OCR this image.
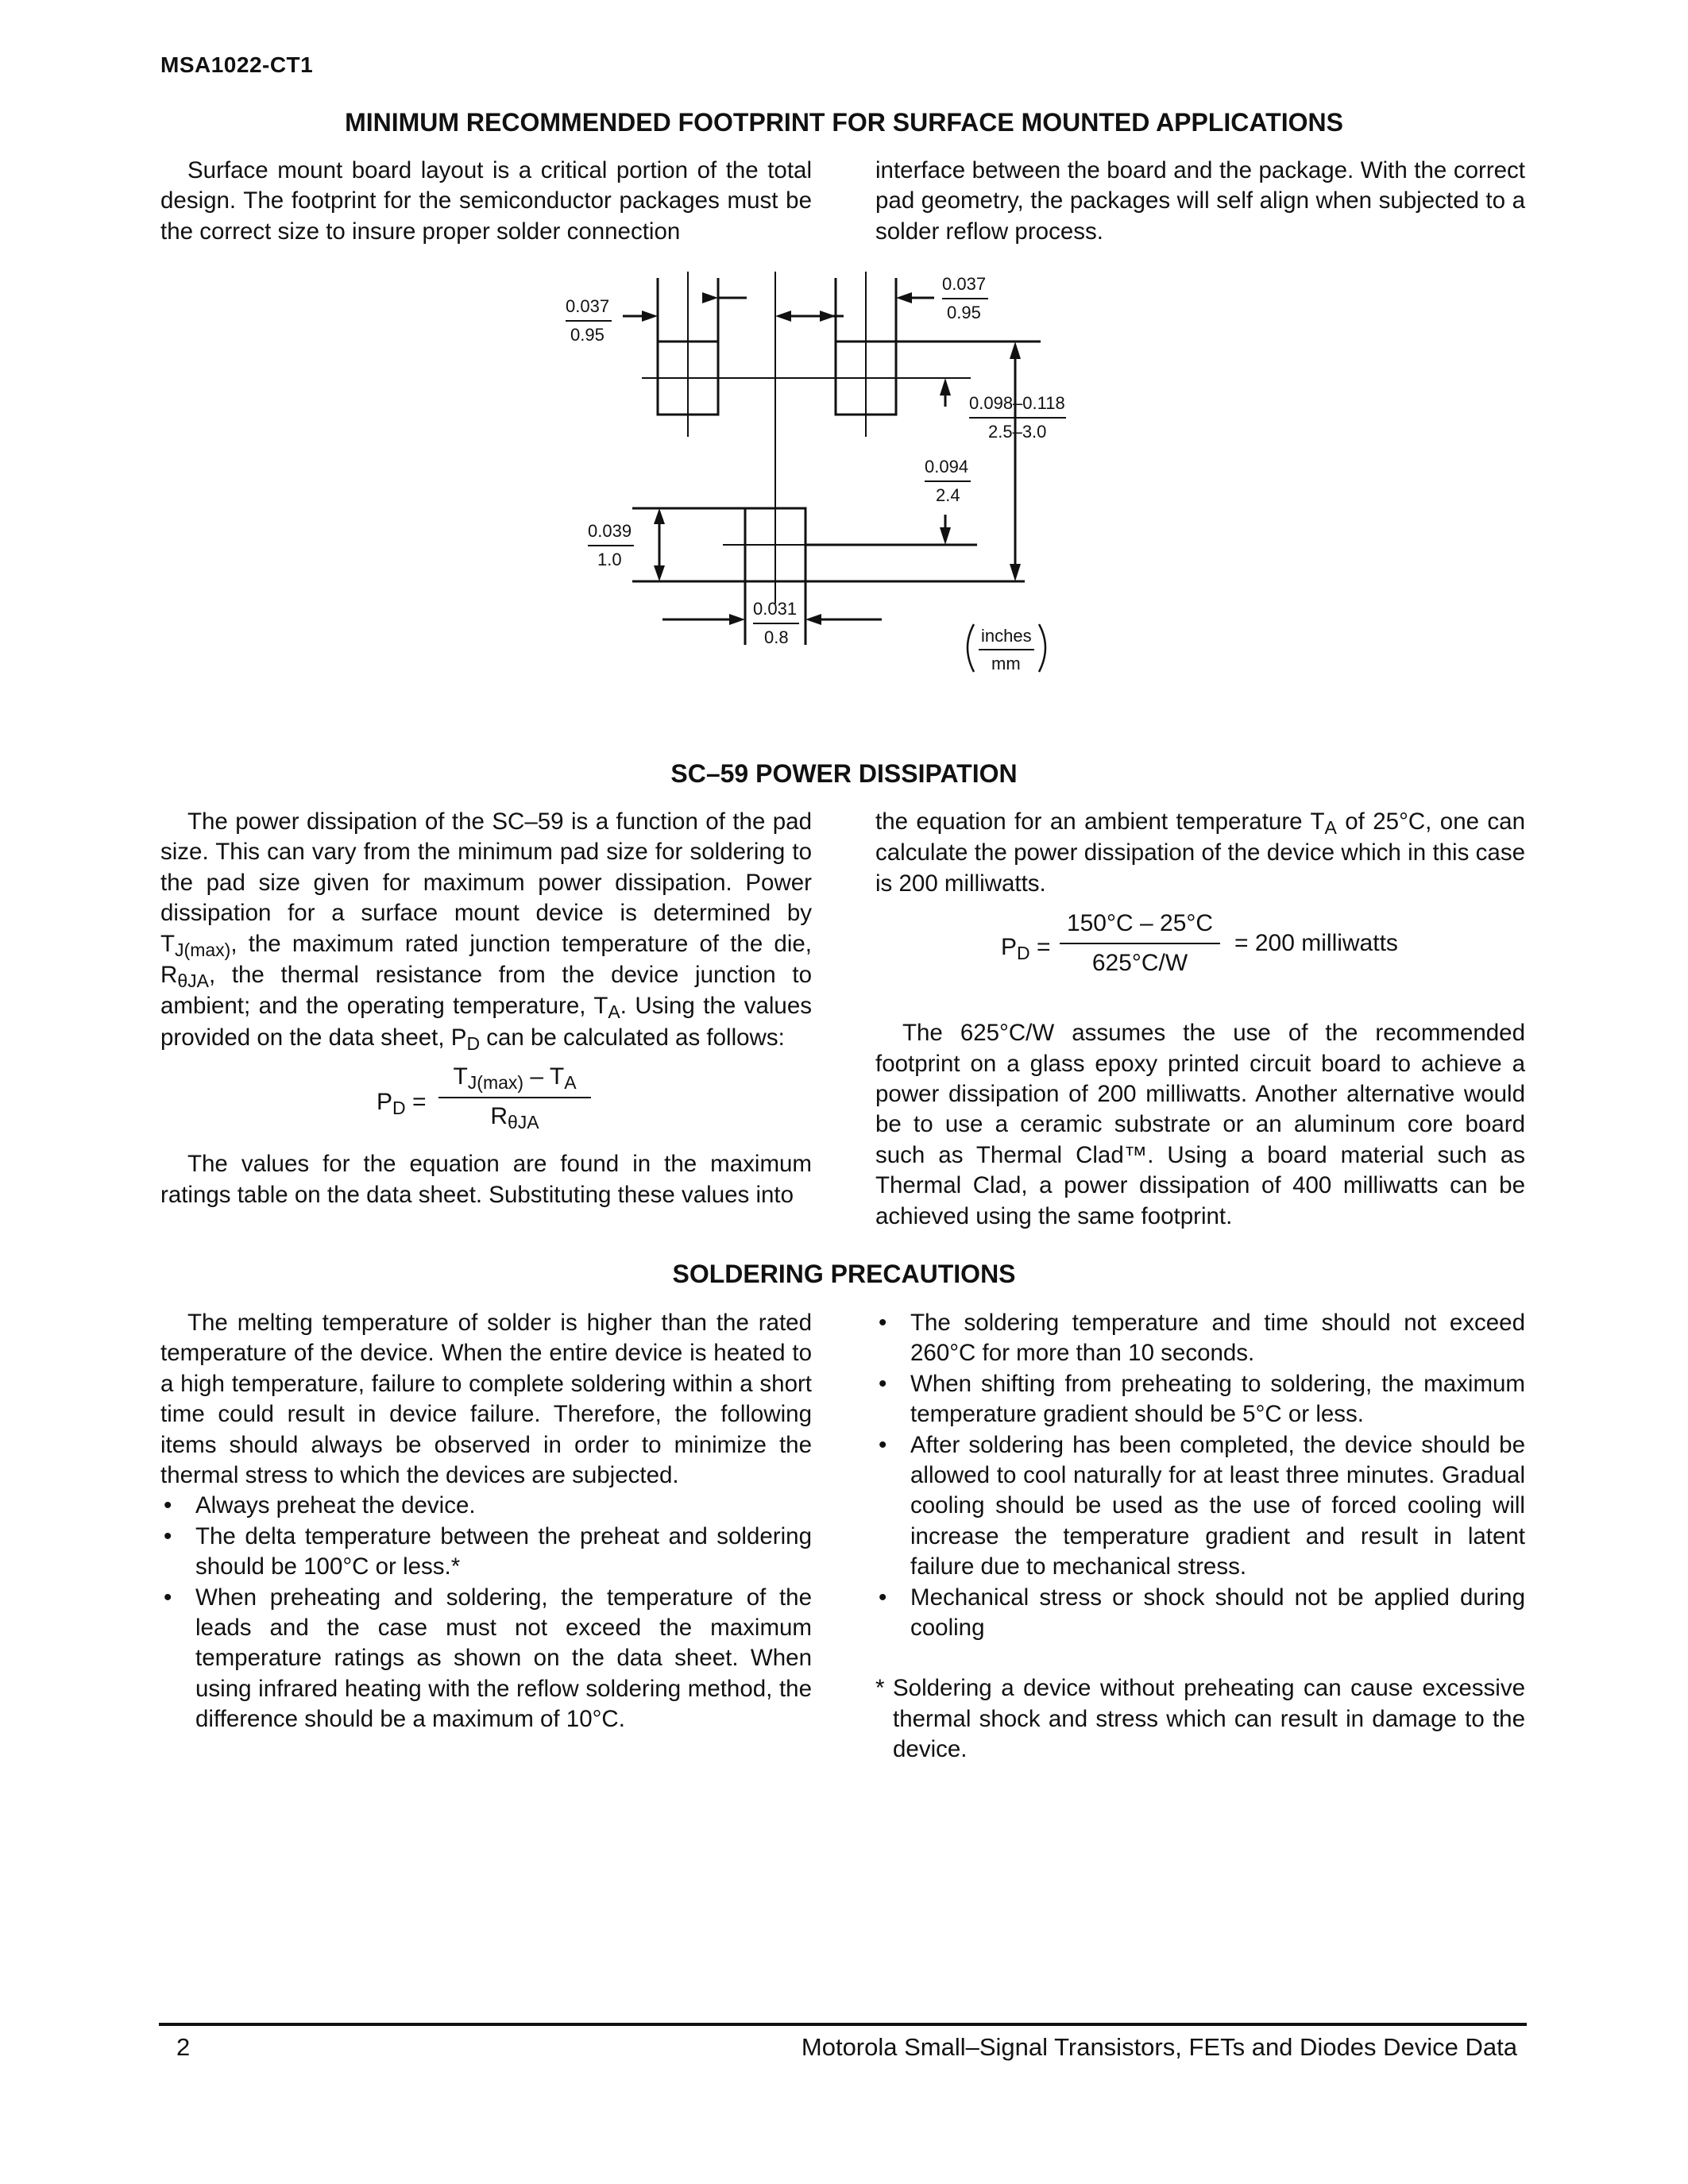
MSA1022-CT1
MINIMUM RECOMMENDED FOOTPRINT FOR SURFACE MOUNTED APPLICATIONS

Surface mount board layout is a critical portion of the total design. The footprint for the semiconductor packages must be the correct size to insure proper solder connection

interface between the board and the package. With the correct pad geometry, the packages will self align when subjected to a solder reflow process.

0.037
0.95
0.037
0.95
0.098–0.118
2.5–3.0
0.094
2.4
0.039
1.0
0.031
0.8	inches
mm
SC–59 POWER DISSIPATION

The power dissipation of the SC–59 is a function of the pad size. This can vary from the minimum pad size for soldering to the pad size given for maximum power dissipation. Power dissipation for a surface mount device is determined by $T_{J(max)}$, the maximum rated junction temperature of the die, $R_{\theta JA}$, the thermal resistance from the device junction to ambient; and the operating temperature, $T_A$. Using the values provided on the data sheet, $P_D$ can be calculated as follows:

$P_D$ =
$T_{J(max)} - T_A$
$R_{\theta JA}$

The values for the equation are found in the maximum ratings table on the data sheet. Substituting these values into

the equation for an ambient temperature $T_A$ of 25°C, one can calculate the power dissipation of the device which in this case is 200 milliwatts.

$P_D$ =
150°C – 25°C
625°C/W
= 200 milliwatts

The 625°C/W assumes the use of the recommended footprint on a glass epoxy printed circuit board to achieve a power dissipation of 200 milliwatts. Another alternative would be to use a ceramic substrate or an aluminum core board such as Thermal Clad™. Using a board material such as Thermal Clad, a power dissipation of 400 milliwatts can be achieved using the same footprint.

SOLDERING PRECAUTIONS

The melting temperature of solder is higher than the rated temperature of the device. When the entire device is heated to a high temperature, failure to complete soldering within a short time could result in device failure. Therefore, the following items should always be observed in order to minimize the thermal stress to which the devices are subjected.

• Always preheat the device.
• The delta temperature between the preheat and soldering should be 100°C or less.*
• When preheating and soldering, the temperature of the leads and the case must not exceed the maximum temperature ratings as shown on the data sheet. When using infrared heating with the reflow soldering method, the difference should be a maximum of 10°C.
• The soldering temperature and time should not exceed 260°C for more than 10 seconds.
• When shifting from preheating to soldering, the maximum temperature gradient should be 5°C or less.
• After soldering has been completed, the device should be allowed to cool naturally for at least three minutes. Gradual cooling should be used as the use of forced cooling will increase the temperature gradient and result in latent failure due to mechanical stress.
• Mechanical stress or shock should not be applied during cooling

* Soldering a device without preheating can cause excessive thermal shock and stress which can result in damage to the device.

2	Motorola Small–Signal Transistors, FETs and Diodes Device Data
